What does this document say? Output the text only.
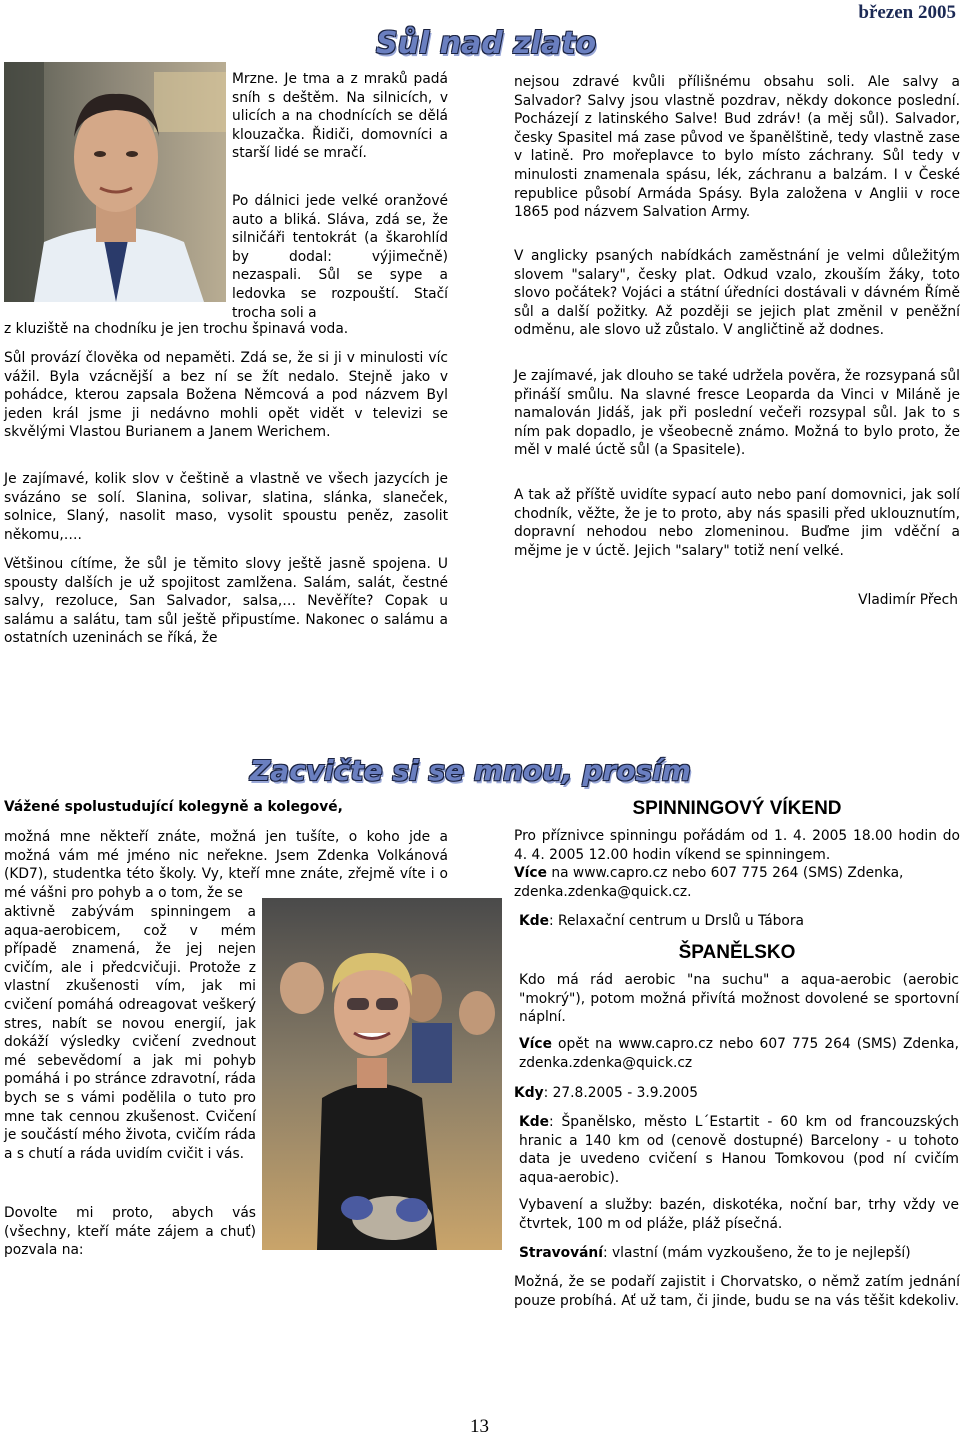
březen 2005
Sůl nad zlato
Mrzne. Je tma a z mraků padá sníh s deštěm. Na silnicích, v ulicích a na chodnících se dělá klouzačka. Řidiči, domovníci a starší lidé se mračí.
Po dálnici jede velké oranžové auto a bliká. Sláva, zdá se, že silničáři tentokrát (a škarohlíd by dodal: výjimečně) nezaspali. Sůl se sype a ledovka se rozpouští. Stačí trocha soli a
z kluziště na chodníku je jen trochu špinavá voda.
Sůl provází člověka od nepaměti. Zdá se, že si ji v minulosti víc vážil. Byla vzácnější a bez ní se žít nedalo. Stejně jako v pohádce, kterou zapsala Božena Němcová a pod názvem Byl jeden král jsme ji nedávno mohli opět vidět v televizi se skvělými Vlastou Burianem a Janem Werichem.
Je zajímavé, kolik slov v češtině a vlastně ve všech jazycích je svázáno se solí. Slanina, solivar, slatina, slánka, slaneček, solnice, Slaný, nasolit maso, vysolit spoustu peněz, zasolit někomu,….
Většinou cítíme, že sůl je těmito slovy ještě jasně spojena. U spousty dalších je už spojitost zamlžena. Salám, salát, čestné salvy, rezoluce, San Salvador, salsa,… Nevěříte? Copak u salámu a salátu, tam sůl ještě připustíme. Nakonec o salámu a ostatních uzeninách se říká, že
nejsou zdravé kvůli přílišnému obsahu soli. Ale salvy a Salvador? Salvy jsou vlastně pozdrav, někdy dokonce poslední. Pocházejí z latinského Salve! Bud zdráv! (a měj sůl). Salvador, česky Spasitel má zase původ ve španělštině, tedy vlastně zase v latině. Pro mořeplavce to bylo místo záchrany. Sůl tedy v minulosti znamenala spásu, lék, záchranu a balzám. I v České republice působí Armáda Spásy. Byla založena v Anglii v roce 1865 pod názvem Salvation Army.
V anglicky psaných nabídkách zaměstnání je velmi důležitým slovem "salary", česky plat. Odkud vzalo, zkouším žáky, toto slovo počátek? Vojáci a státní úředníci dostávali v dávném Římě sůl a další požitky. Až později se jejich plat změnil v peněžní odměnu, ale slovo už zůstalo. V angličtině až dodnes.
Je zajímavé, jak dlouho se také udržela pověra, že rozsypaná sůl přináší smůlu. Na slavné fresce Leoparda da Vinci v Miláně je namalován Jidáš, jak při poslední večeři rozsypal sůl. Jak to s ním pak dopadlo, je všeobecně známo. Možná to bylo proto, že měl v malé úctě sůl (a Spasitele).
A tak až příště uvidíte sypací auto nebo paní domovnici, jak solí chodník, věžte, že je to proto, aby nás spasili před uklouznutím, dopravní nehodou nebo zlomeninou. Buďme jim vděční a mějme je v úctě. Jejich "salary" totiž není velké.
Vladimír Přech
Zacvičte si se mnou, prosím
Vážené spolustudující kolegyně a kolegové,
možná mne někteří znáte, možná jen tušíte, o koho jde a možná vám mé jméno nic neřekne. Jsem Zdenka Volkánová (KD7), studentka této školy. Vy, kteří mne znáte, zřejmě víte i o mé vášni pro pohyb a o tom, že se
aktivně zabývám spinningem a aqua-aerobicem, což v mém případě znamená, že jej nejen cvičím, ale i předcvičuji. Protože z vlastní zkušenosti vím, jak mi cvičení pomáhá odreagovat veškerý stres, nabít se novou energií, jak dokáží výsledky cvičení zvednout mé sebevědomí a jak mi pohyb pomáhá i po stránce zdravotní, ráda bych se s vámi podělila o tuto pro mne tak cennou zkušenost. Cvičení je součástí mého života, cvičím ráda a s chutí a ráda uvidím cvičit i vás.
Dovolte mi proto, abych vás (všechny, kteří máte zájem a chuť) pozvala na:
SPINNINGOVÝ VÍKEND
Pro příznivce spinningu pořádám od 1. 4. 2005 18.00 hodin do 4. 4. 2005 12.00 hodin víkend se spinningem.
Více na www.capro.cz nebo 607 775 264 (SMS) Zdenka, zdenka.zdenka@quick.cz.
Kde: Relaxační centrum u Drslů u Tábora
ŠPANĚLSKO
Kdo má rád aerobic "na suchu" a aqua-aerobic (aerobic "mokrý"), potom možná přivítá možnost dovolené se sportovní náplní.
Více opět na www.capro.cz nebo 607 775 264 (SMS) Zdenka, zdenka.zdenka@quick.cz
Kdy: 27.8.2005 - 3.9.2005
Kde: Španělsko, město L´Estartit - 60 km od francouzských hranic a 140 km od (cenově dostupné) Barcelony - u tohoto data je uvedeno cvičení s Hanou Tomkovou (pod ní cvičím aqua-aerobic).
Vybavení a služby: bazén, diskotéka, noční bar, trhy vždy ve čtvrtek, 100 m od pláže, pláž písečná.
Stravování: vlastní (mám vyzkoušeno, že to je nejlepší)
Možná, že se podaří zajistit i Chorvatsko, o němž zatím jednání pouze probíhá. Ať už tam, či jinde, budu se na vás těšit kdekoliv.
13
